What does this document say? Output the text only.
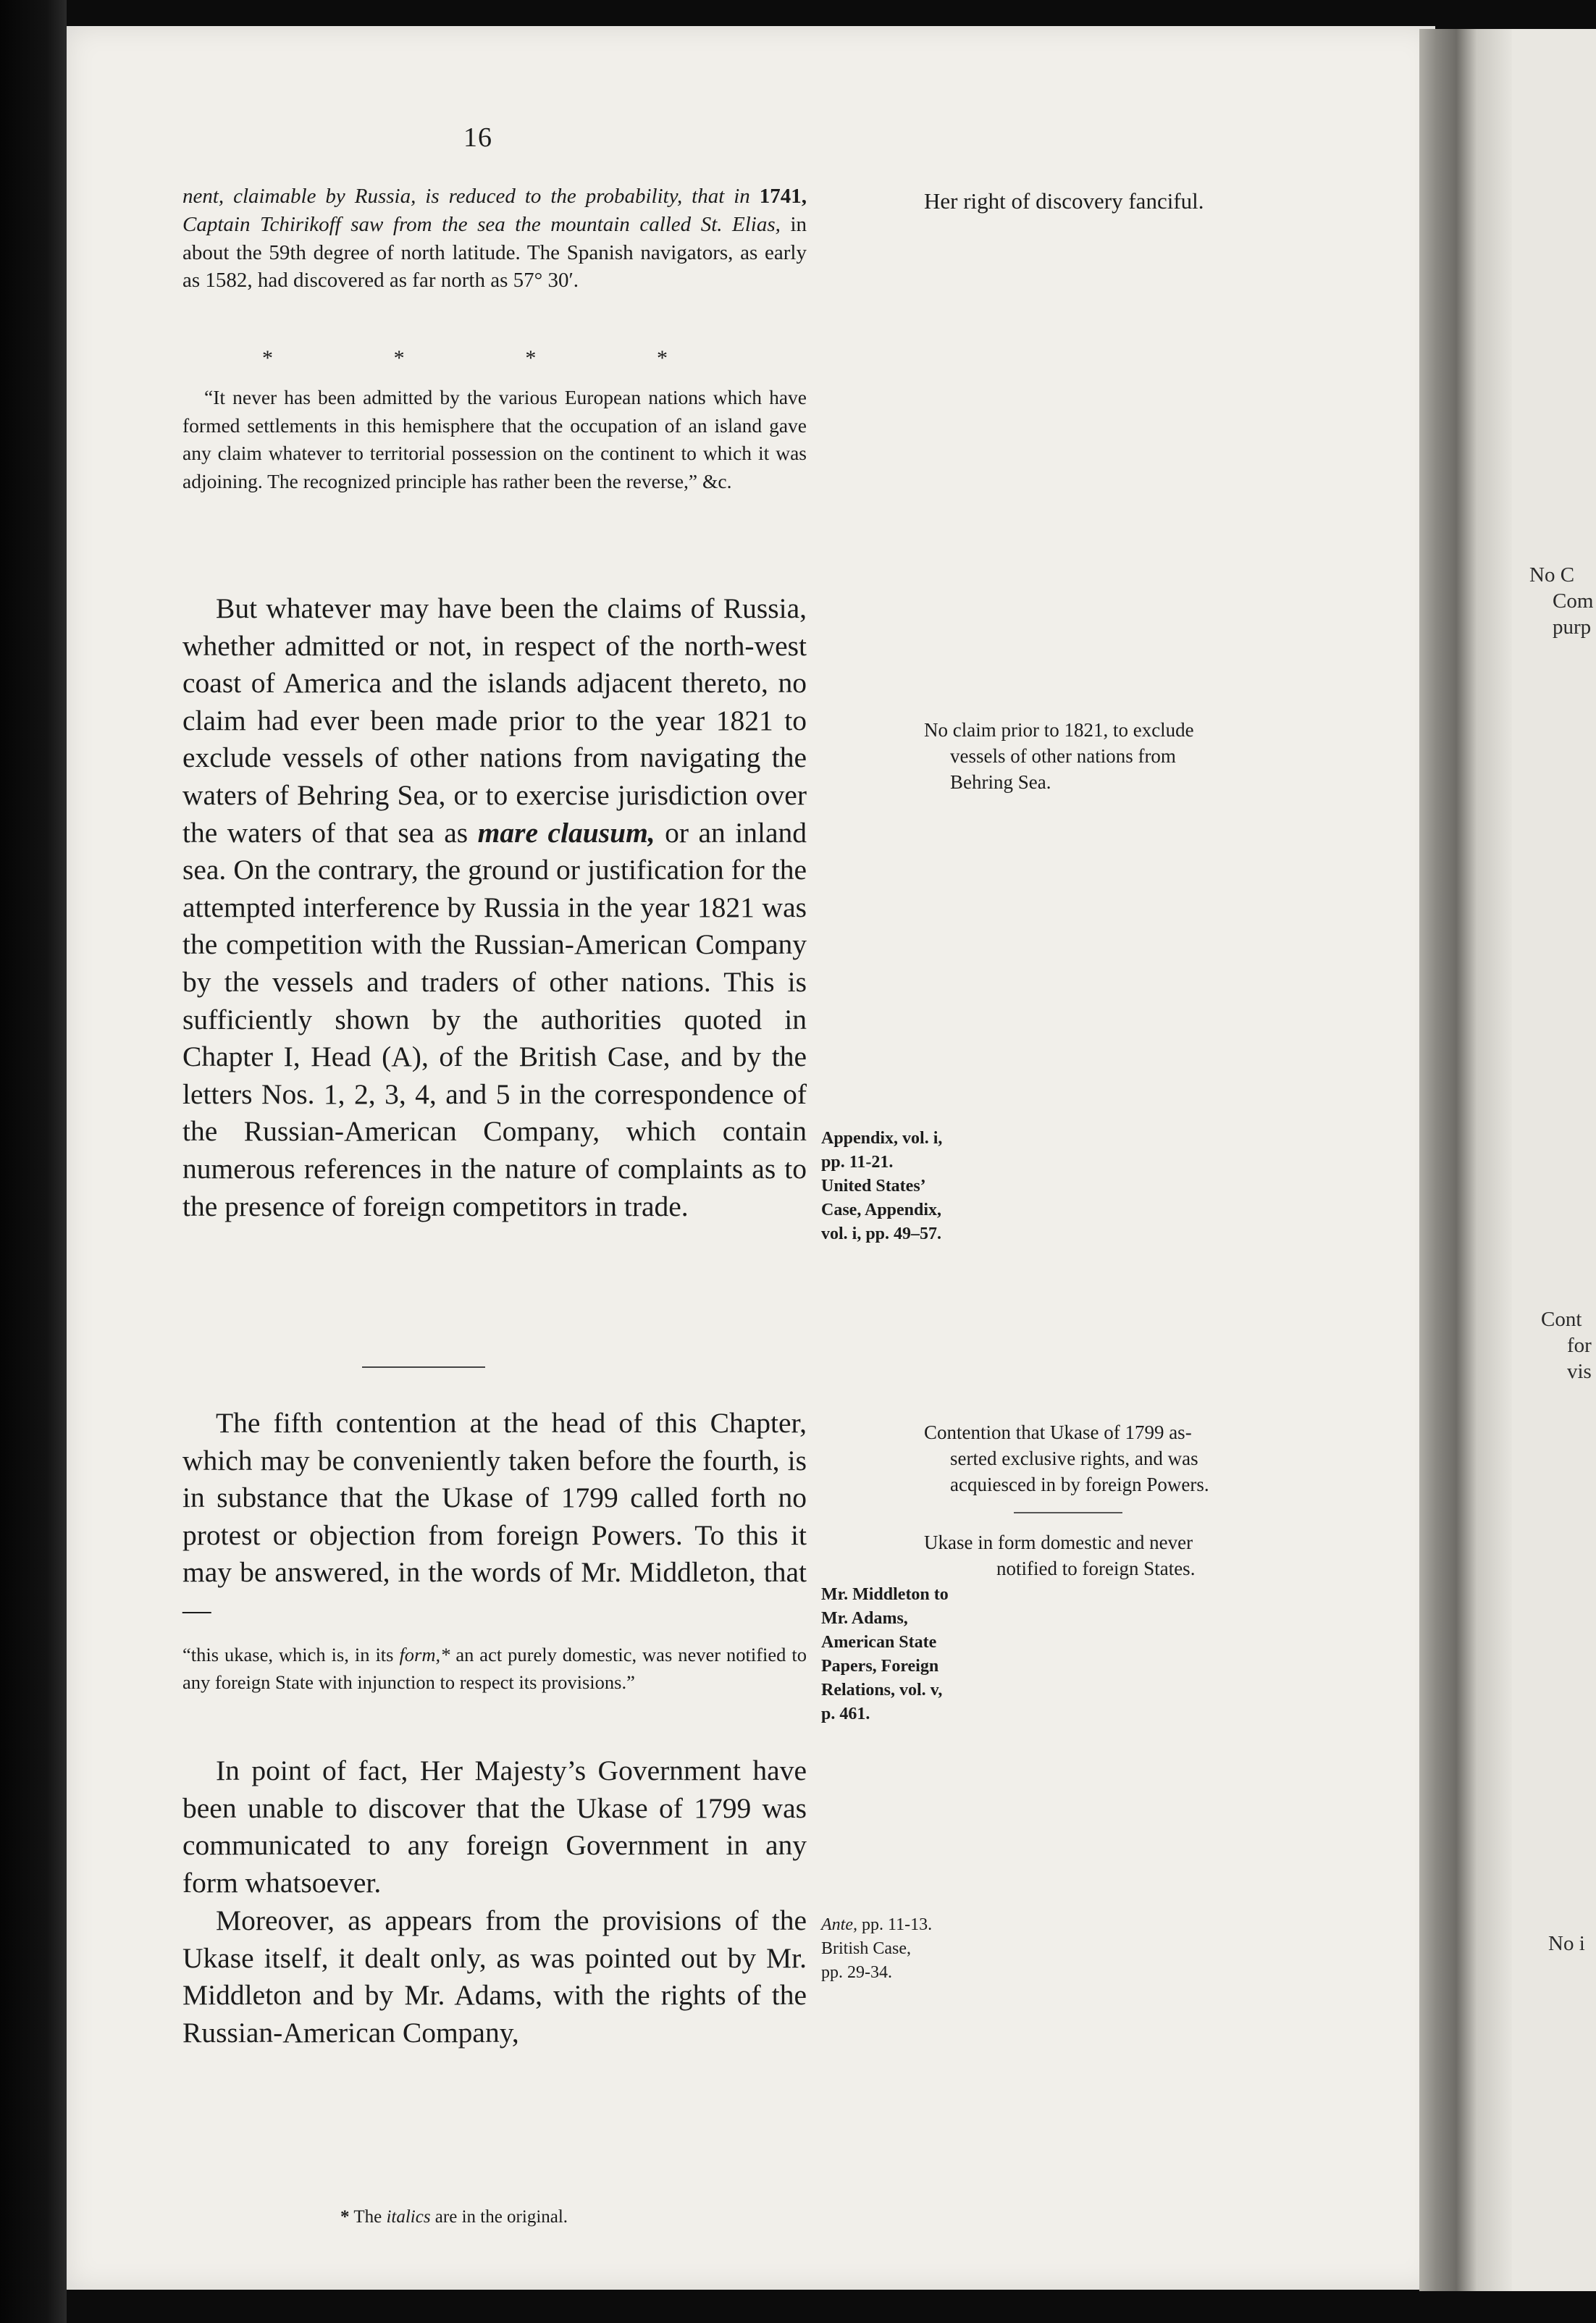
16

nent, claimable by Russia, is reduced to the probability, that in 1741, Captain Tchirikoff saw from the sea the mountain called St. Elias, in about the 59th degree of north latitude. The Spanish navigators, as early as 1582, had discovered as far north as 57° 30′.

*	*	*	*

“It never has been admitted by the various European nations which have formed settlements in this hemisphere that the occupation of an island gave any claim whatever to territorial possession on the continent to which it was adjoining. The recognized principle has rather been the reverse,” &c.

But whatever may have been the claims of Russia, whether admitted or not, in respect of the north-west coast of America and the islands adjacent thereto, no claim had ever been made prior to the year 1821 to exclude vessels of other nations from navigating the waters of Behring Sea, or to exercise jurisdiction over the waters of that sea as mare clausum, or an inland sea. On the contrary, the ground or justification for the attempted interference by Russia in the year 1821 was the competition with the Russian-American Company by the vessels and traders of other nations. This is sufficiently shown by the authorities quoted in Chapter I, Head (A), of the British Case, and by the letters Nos. 1, 2, 3, 4, and 5 in the correspondence of the Russian-American Company, which contain numerous references in the nature of complaints as to the presence of foreign competitors in trade.

The fifth contention at the head of this Chapter, which may be conveniently taken before the fourth, is in substance that the Ukase of 1799 called forth no protest or objection from foreign Powers. To this it may be answered, in the words of Mr. Middleton, that—

“this ukase, which is, in its form,* an act purely domestic, was never notified to any foreign State with injunction to respect its provisions.”

In point of fact, Her Majesty’s Government have been unable to discover that the Ukase of 1799 was communicated to any foreign Government in any form whatsoever.

Moreover, as appears from the provisions of the Ukase itself, it dealt only, as was pointed out by Mr. Middleton and by Mr. Adams, with the rights of the Russian-American Company,

* The italics are in the original.
Her right of discovery fanciful.
No claim prior to 1821, to exclude
vessels of other nations from
Behring Sea.
Contention that Ukase of 1799 as-
serted exclusive rights, and was
acquiesced in by foreign Powers.
Ukase in form domestic and never
notified to foreign States.
Appendix, vol. i,
pp. 11-21.
United States’
Case, Appendix,
vol. i, pp. 49–57.
Mr. Middleton to
Mr. Adams,
American State
Papers, Foreign
Relations, vol. v,
p. 461.
Ante, pp. 11-13.
British Case,
pp. 29-34.
No C
Com
purp
Cont
for
vis
No i
